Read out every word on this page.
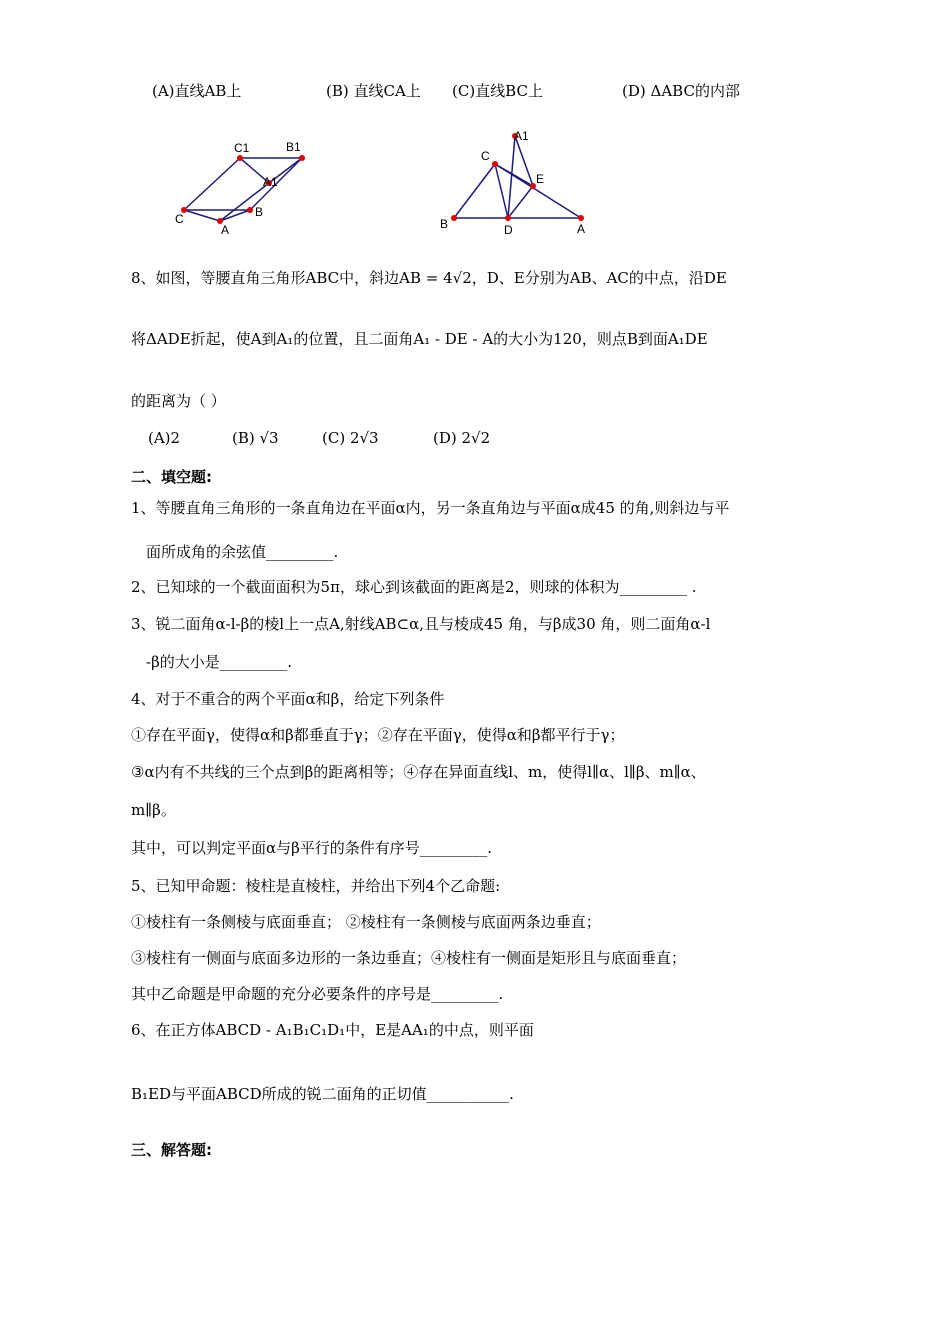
(A)直线AB上	(B) 直线CA上 (C)直线BC上	(D) ΔABC的内部
C1	B1
A1
C
A
B
A1
C
E
B	D	A
8、如图，等腰直角三角形ABC中，斜边AB = 4√2，D、E分别为AB、AC的中点，沿DE
将ΔADE折起，使A到A₁的位置，且二面角A₁ - DE - A的大小为120，则点B到面A₁DE
的距离为（ ）
(A)2	(B) √3	(C) 2√3	(D) 2√2
二、填空题:
1、等腰直角三角形的一条直角边在平面α内，另一条直角边与平面α成45 的角,则斜边与平
面所成角的余弦值_________.
2、已知球的一个截面面积为5π，球心到该截面的距离是2，则球的体积为_________ .
3、锐二面角α-l-β的棱l上一点A,射线AB⊂α,且与棱成45 角，与β成30 角，则二面角α-l
-β的大小是_________.
4、对于不重合的两个平面α和β，给定下列条件
①存在平面γ，使得α和β都垂直于γ；②存在平面γ，使得α和β都平行于γ；
③α内有不共线的三个点到β的距离相等；④存在异面直线l、m，使得l∥α、l∥β、m∥α、
m∥β。
其中，可以判定平面α与β平行的条件有序号_________.
5、已知甲命题：棱柱是直棱柱，并给出下列4个乙命题:
①棱柱有一条侧棱与底面垂直； ②棱柱有一条侧棱与底面两条边垂直；
③棱柱有一侧面与底面多边形的一条边垂直；④棱柱有一侧面是矩形且与底面垂直；
其中乙命题是甲命题的充分必要条件的序号是_________.
6、在正方体ABCD - A₁B₁C₁D₁中，E是AA₁的中点，则平面
B₁ED与平面ABCD所成的锐二面角的正切值___________.
三、解答题:
